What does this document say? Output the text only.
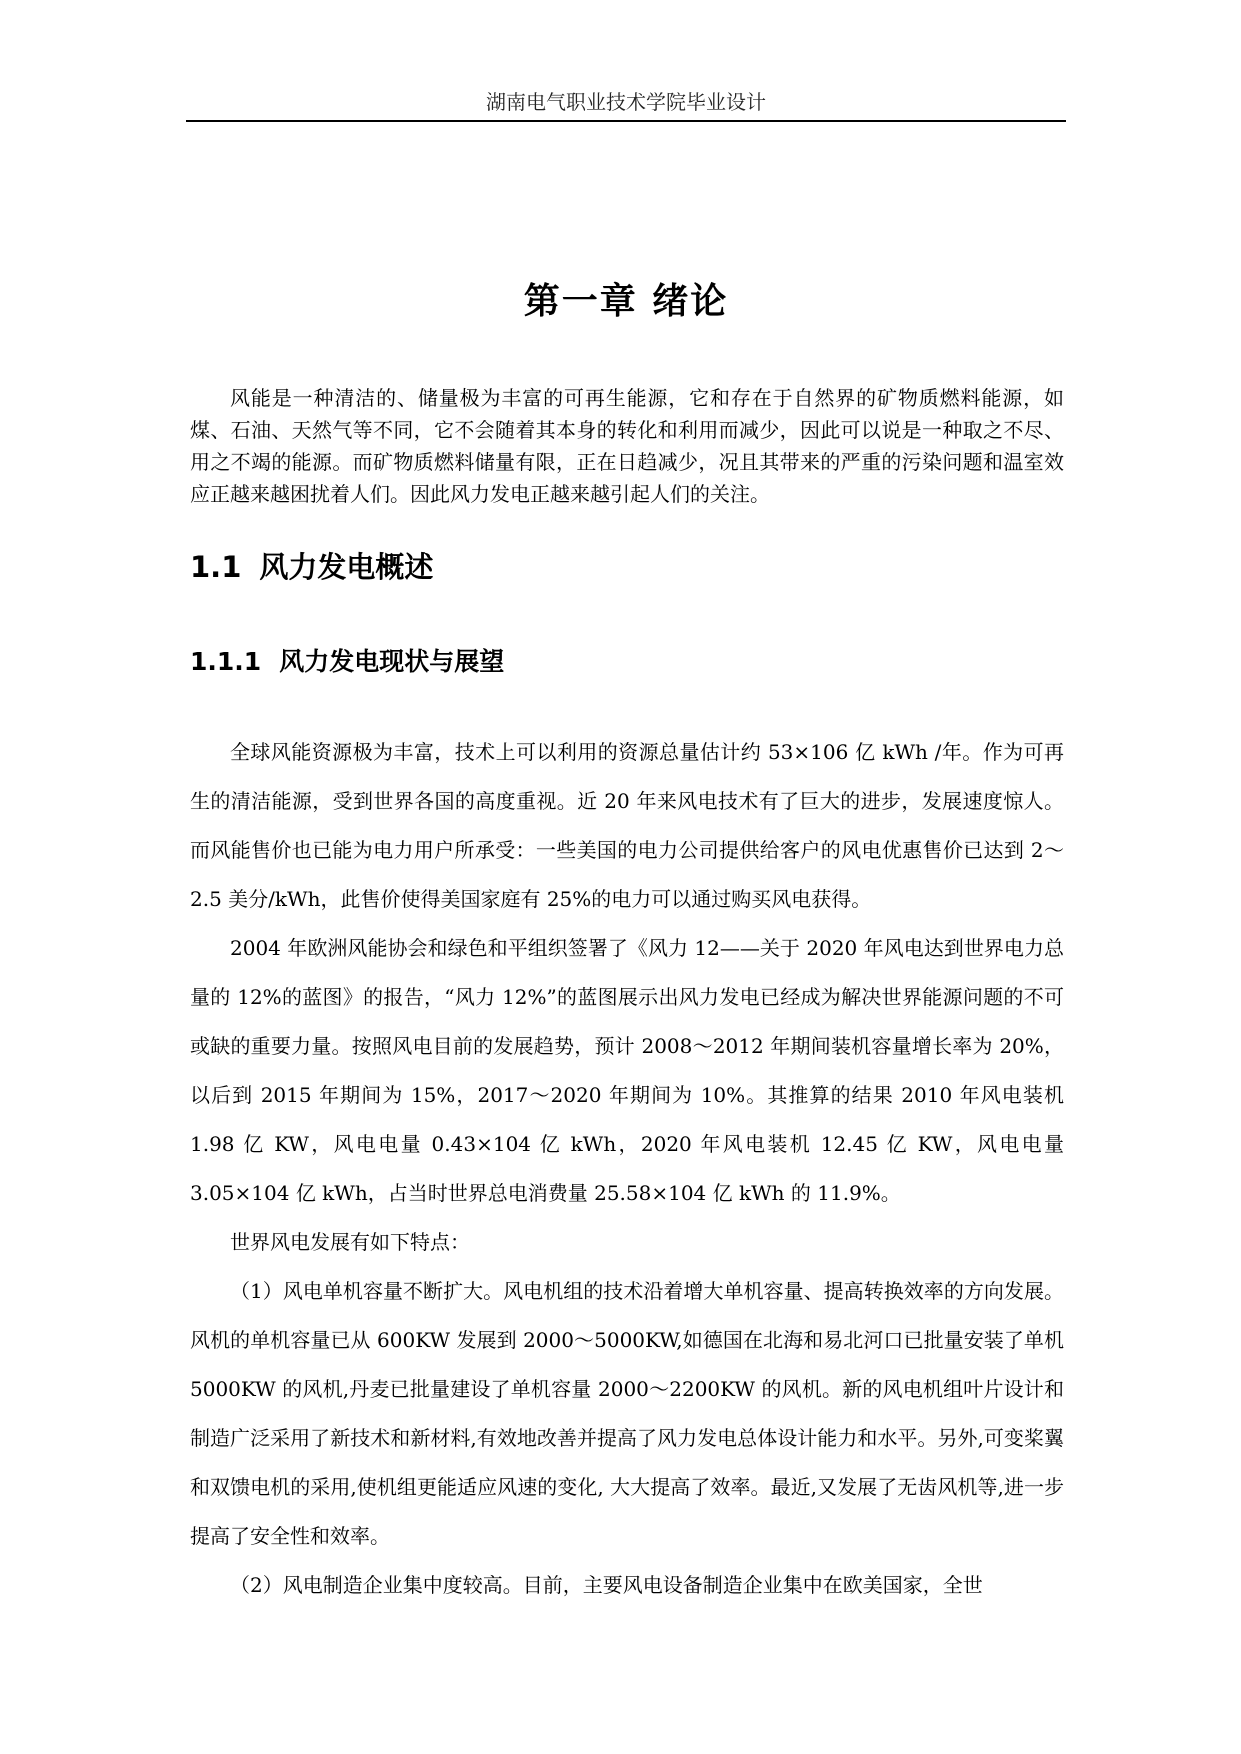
湖南电气职业技术学院毕业设计
第一章 绪论

风能是一种清洁的、储量极为丰富的可再生能源，它和存在于自然界的矿物质燃料能源，如煤、石油、天然气等不同，它不会随着其本身的转化和利用而减少，因此可以说是一种取之不尽、用之不竭的能源。而矿物质燃料储量有限，正在日趋减少，况且其带来的严重的污染问题和温室效应正越来越困扰着人们。因此风力发电正越来越引起人们的关注。

1.1 风力发电概述
1.1.1 风力发电现状与展望

全球风能资源极为丰富，技术上可以利用的资源总量估计约 53×106 亿 kWh /年。作为可再生的清洁能源，受到世界各国的高度重视。近 20 年来风电技术有了巨大的进步，发展速度惊人。而风能售价也已能为电力用户所承受：一些美国的电力公司提供给客户的风电优惠售价已达到 2～2.5 美分/kWh，此售价使得美国家庭有 25%的电力可以通过购买风电获得。

2004 年欧洲风能协会和绿色和平组织签署了《风力 12——关于 2020 年风电达到世界电力总量的 12%的蓝图》的报告，“风力 12%”的蓝图展示出风力发电已经成为解决世界能源问题的不可或缺的重要力量。按照风电目前的发展趋势，预计 2008～2012 年期间装机容量增长率为 20%，以后到 2015 年期间为 15%，2017～2020 年期间为 10%。其推算的结果 2010 年风电装机 1.98 亿 KW，风电电量 0.43×104 亿 kWh，2020 年风电装机 12.45 亿 KW，风电电量 3.05×104 亿 kWh，占当时世界总电消费量 25.58×104 亿 kWh 的 11.9%。

世界风电发展有如下特点：

（1）风电单机容量不断扩大。风电机组的技术沿着增大单机容量、提高转换效率的方向发展。风机的单机容量已从 600KW 发展到 2000～5000KW,如德国在北海和易北河口已批量安装了单机 5000KW 的风机,丹麦已批量建设了单机容量 2000～2200KW 的风机。新的风电机组叶片设计和制造广泛采用了新技术和新材料,有效地改善并提高了风力发电总体设计能力和水平。另外,可变桨翼和双馈电机的采用,使机组更能适应风速的变化, 大大提高了效率。最近,又发展了无齿风机等,进一步提高了安全性和效率。

（2）风电制造企业集中度较高。目前，主要风电设备制造企业集中在欧美国家，全世
